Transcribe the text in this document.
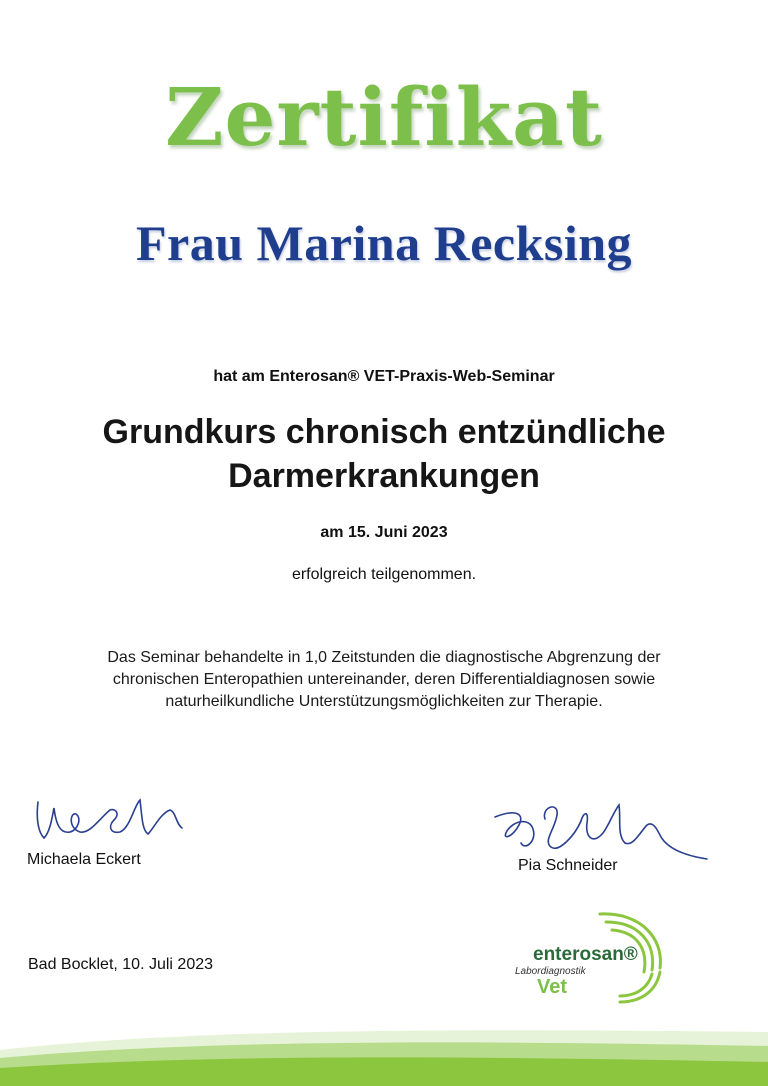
Zertifikat
Frau Marina Recksing
hat am Enterosan® VET-Praxis-Web-Seminar
Grundkurs chronisch entzündliche
Darmerkrankungen
am 15. Juni 2023
erfolgreich teilgenommen.
Das Seminar behandelte in 1,0 Zeitstunden die diagnostische Abgrenzung der
chronischen Enteropathien untereinander, deren Differentialdiagnosen sowie
naturheilkundliche Unterstützungsmöglichkeiten zur Therapie.
Michaela Eckert	Pia Schneider
Bad Bocklet, 10. Juli 2023	enterosan®
Labordiagnostik
Vet
